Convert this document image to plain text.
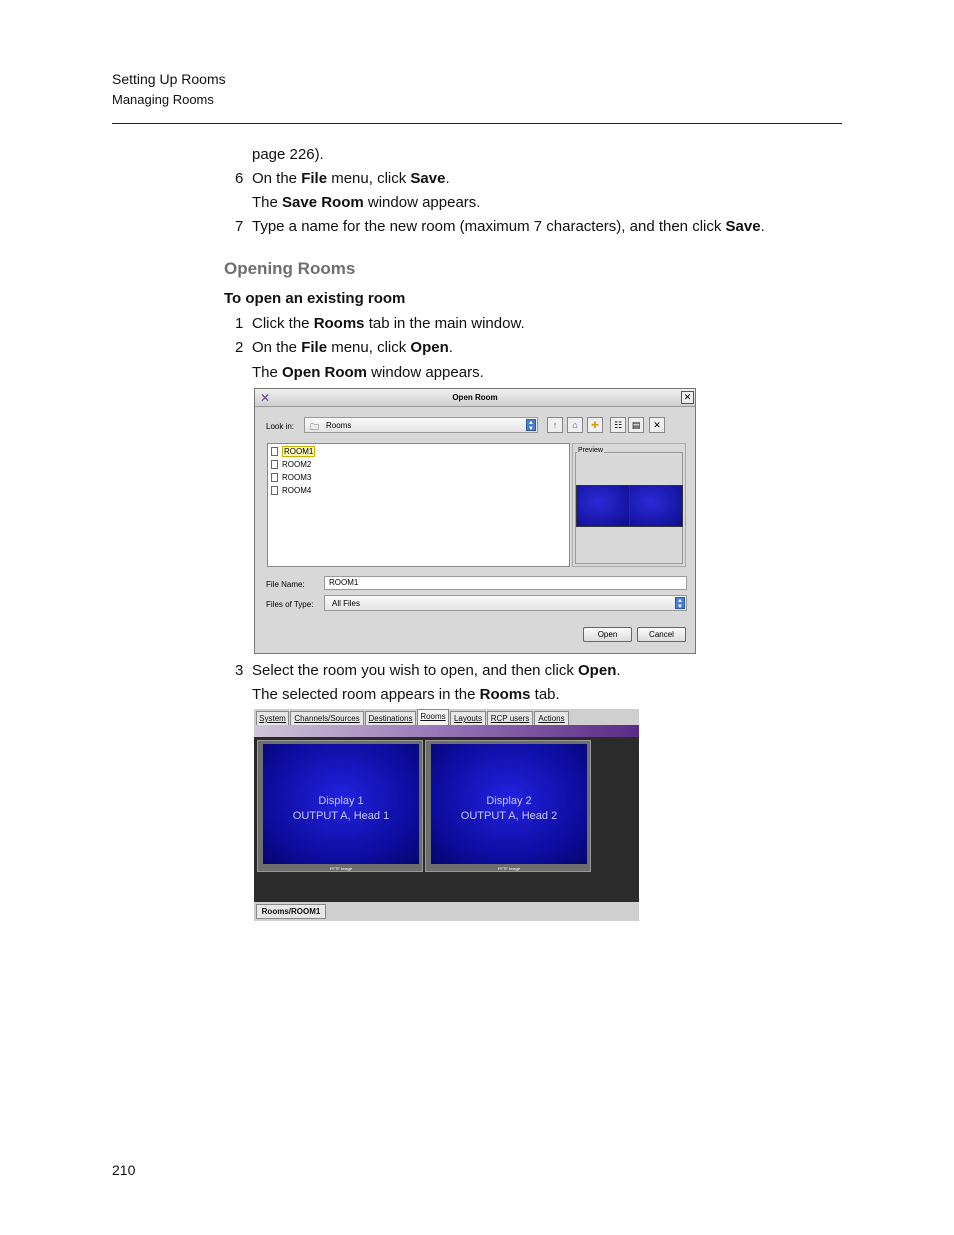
Setting Up Rooms
Managing Rooms
page 226).
6 On the File menu, click Save.
The Save Room window appears.
7 Type a name for the new room (maximum 7 characters), and then click Save.
Opening Rooms
To open an existing room
1 Click the Rooms tab in the main window.
2 On the File menu, click Open.
The Open Room window appears.
✕	Open Room	✕
Look in: 🗀 Rooms	▲
▼	↑	⌂	✚	☷	▤	✕
ROOM1
ROOM2
ROOM3
ROOM4
Preview
File Name:	ROOM1
Files of Type: All Files	▲
▼
Open	Cancel
3 Select the room you wish to open, and then click Open.
The selected room appears in the Rooms tab.
System	Channels/Sources	Destinations Rooms	Layouts	RCP users	Actions
Display 1
OUTPUT A, Head 1
PFTF Image
Display 2
OUTPUT A, Head 2
PFTF Image
Rooms/ROOM1
210
